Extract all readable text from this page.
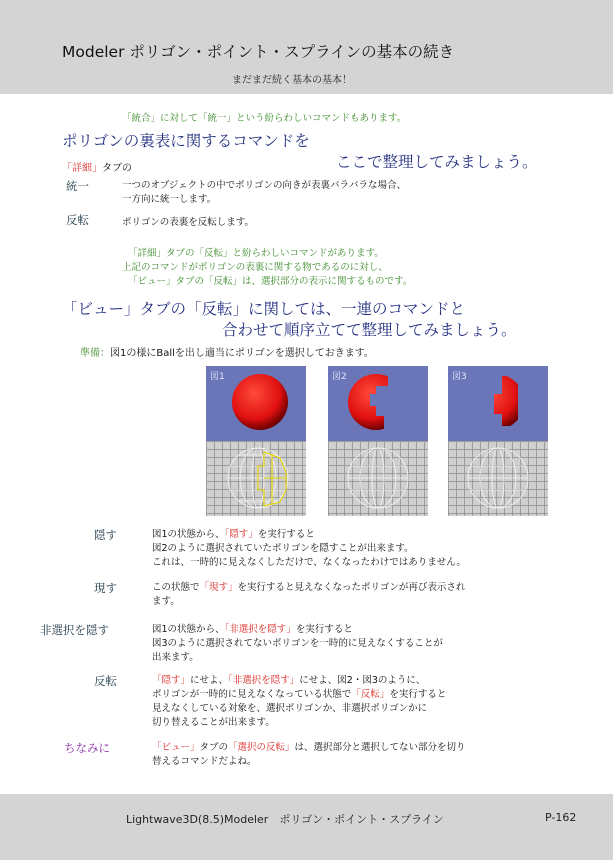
Modeler ポリゴン・ポイント・スプラインの基本の続き
まだまだ続く基本の基本！
「統合」に対して「統一」という紛らわしいコマンドもあります。
ポリゴンの裏表に関するコマンドを
ここで整理してみましょう。
「詳細」タブの
統一	一つのオブジェクトの中でポリゴンの向きが表裏バラバラな場合、
一方向に統一します。
反転	ポリゴンの表裏を反転します。
「詳細」タブの「反転」と紛らわしいコマンドがあります。
上記のコマンドがポリゴンの表裏に関する物であるのに対し、
「ビュー」タブの「反転」は、選択部分の表示に関するものです。
「ビュー」タブの「反転」に関しては、一連のコマンドと
合わせて順序立てて整理してみましょう。
準備：図1の様にBallを出し適当にポリゴンを選択しておきます。
図1	図2	図3
隠す	図1の状態から、「隠す」を実行すると
図2のように選択されていたポリゴンを隠すことが出来ます。
これは、一時的に見えなくしただけで、なくなったわけではありません。
現す	この状態で「現す」を実行すると見えなくなったポリゴンが再び表示され
ます。
非選択を隠す	図1の状態から、「非選択を隠す」を実行すると
図3のように選択されてないポリゴンを一時的に見えなくすることが
出来ます。
反転	「隠す」にせよ、「非選択を隠す」にせよ、図2・図3のように、
ポリゴンが一時的に見えなくなっている状態で「反転」を実行すると
見えなくしている対象を、選択ポリゴンか、非選択ポリゴンかに
切り替えることが出来ます。
ちなみに	「ビュー」タブの「選択の反転」は、選択部分と選択してない部分を切り
替えるコマンドだよね。
Lightwave3D(8.5)Modeler　ポリゴン・ポイント・スプライン	P-162
